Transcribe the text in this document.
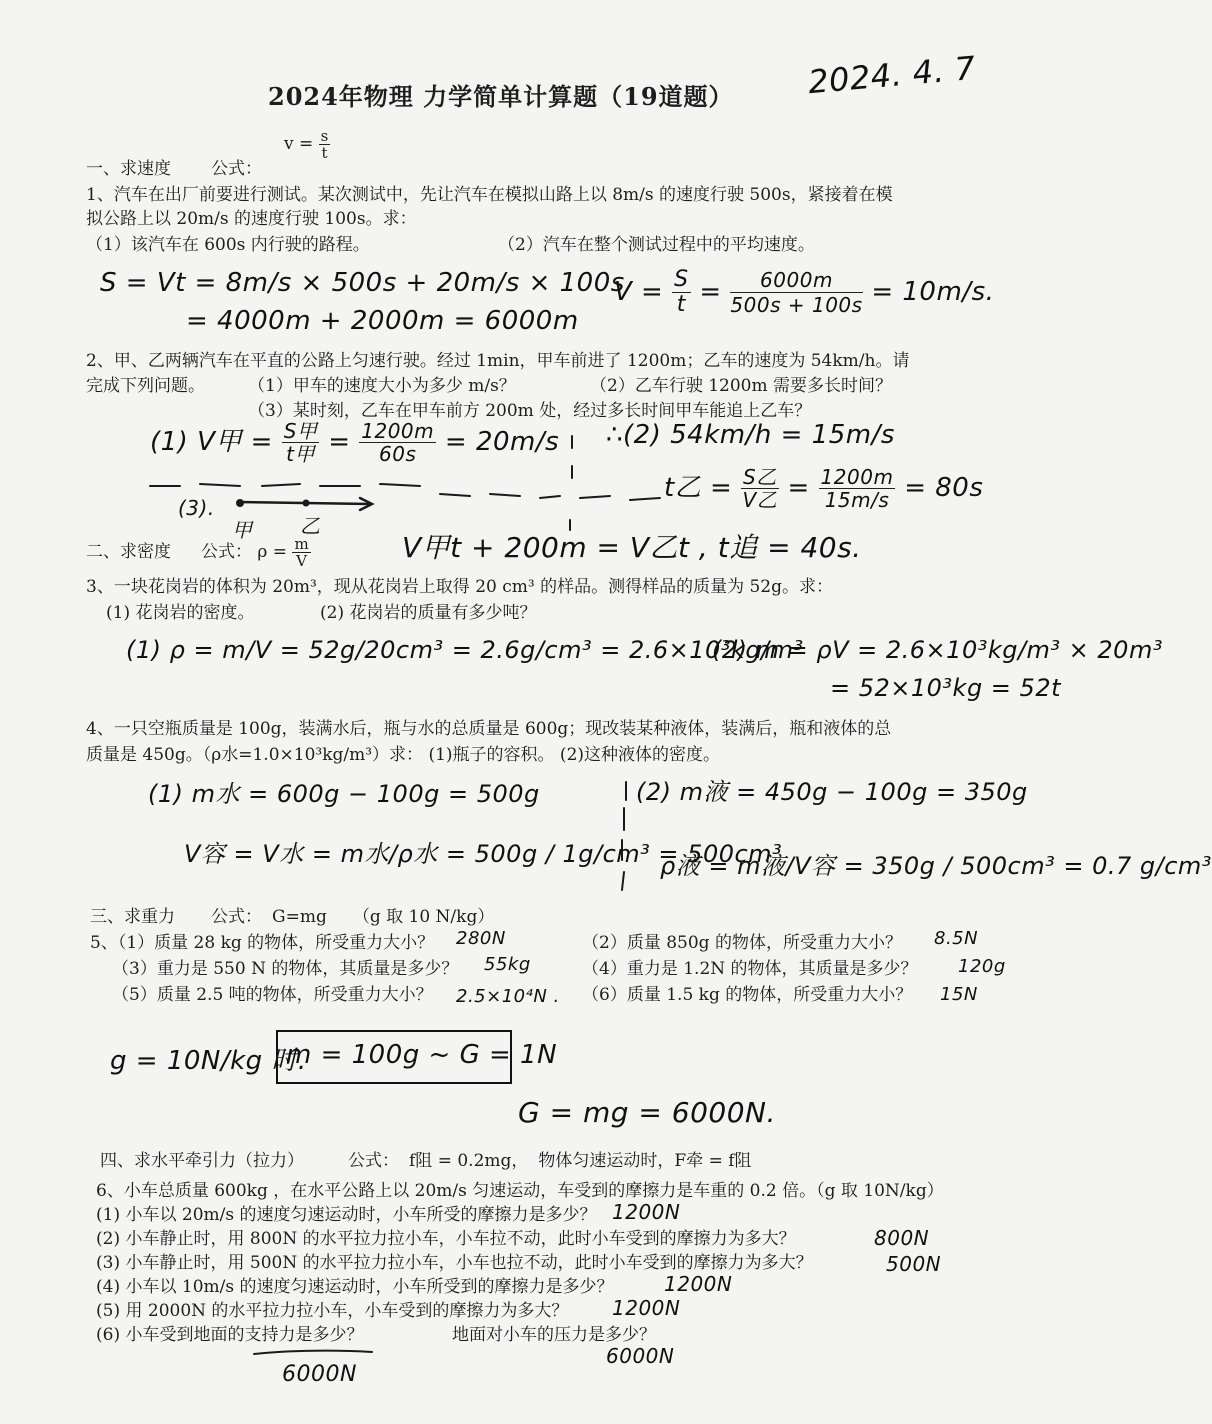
2024年物理 力学简单计算题（19道题） 2024. 4. 7
$v = \frac{s}{t}$
一、求速度 公式：
1、汽车在出厂前要进行测试。某次测试中，先让汽车在模拟山路上以 8m/s 的速度行驶 500s，紧接着在模
拟公路上以 20m/s 的速度行驶 100s。求：
（1）该汽车在 600s 内行驶的路程。	（2）汽车在整个测试过程中的平均速度。
S = Vt = 8m/s × 500s + 20m/s × 100s
= 4000m + 2000m = 6000m
$V = \frac{S}{t} = \frac{6000m}{500s + 100s} = 10m/s$.
2、甲、乙两辆汽车在平直的公路上匀速行驶。经过 1min，甲车前进了 1200m；乙车的速度为 54km/h。请
完成下列问题。	（1）甲车的速度大小为多少 m/s？	（2）乙车行驶 1200m 需要多长时间？
（3）某时刻，乙车在甲车前方 200m 处，经过多长时间甲车能追上乙车？
(1) V甲 = $\frac{\text{S甲}}{\text{t甲}} = \frac{1200m}{60s} = 20m/s$ ∴(2) 54km/h = 15m/s
(3).
甲 乙
t乙 = $\frac{\text{S乙}}{\text{V乙}} = \frac{1200m}{15m/s} = 80s$
二、求密度 公式： $\rho = \frac{m}{V}$	V甲t + 200m = V乙t , t追 = 40s.
3、一块花岗岩的体积为 20m³，现从花岗岩上取得 20 cm³ 的样品。测得样品的质量为 52g。求：
(1) 花岗岩的密度。	(2) 花岗岩的质量有多少吨？
(1) ρ = m/V = 52g/20cm³ = 2.6g/cm³ = 2.6×10³kg/m³
(2) m = ρV = 2.6×10³kg/m³ × 20m³
= 52×10³kg = 52t
4、一只空瓶质量是 100g，装满水后，瓶与水的总质量是 600g；现改装某种液体，装满后，瓶和液体的总
质量是 450g。（ρ水=1.0×10³kg/m³）求： (1)瓶子的容积。 (2)这种液体的密度。
(1) m水 = 600g − 100g = 500g	(2) m液 = 450g − 100g = 350g
V容 = V水 = m水/ρ水 = 500g / 1g/cm³ = 500cm³
ρ液 = m液/V容 = 350g / 500cm³ = 0.7 g/cm³
三、求重力 公式： G=mg （g 取 10 N/kg）
5、（1）质量 28 kg 的物体，所受重力大小？ 280N	（2）质量 850g 的物体，所受重力大小？ 8.5N
（3）重力是 550 N 的物体，其质量是多少？ 55kg	（4）重力是 1.2N 的物体，其质量是多少？ 120g
（5）质量 2.5 吨的物体，所受重力大小？ 2.5×10⁴N . （6）质量 1.5 kg 的物体，所受重力大小？ 15N
g = 10N/kg 时.
m = 100g ~ G = 1N
G = mg = 6000N.
四、求水平牵引力（拉力）	公式： f阻 = 0.2mg， 物体匀速运动时，F牵 = f阻
6、小车总质量 600kg ，在水平公路上以 20m/s 匀速运动，车受到的摩擦力是车重的 0.2 倍。（g 取 10N/kg）
(1) 小车以 20m/s 的速度匀速运动时，小车所受的摩擦力是多少？ 1200N
(2) 小车静止时，用 800N 的水平拉力拉小车，小车拉不动，此时小车受到的摩擦力为多大？	800N
(3) 小车静止时，用 500N 的水平拉力拉小车，小车也拉不动，此时小车受到的摩擦力为多大？	500N
(4) 小车以 10m/s 的速度匀速运动时，小车所受到的摩擦力是多少？	1200N
(5) 用 2000N 的水平拉力拉小车，小车受到的摩擦力为多大？ 1200N
(6) 小车受到地面的支持力是多少？	地面对小车的压力是多少？
6000N
6000N
